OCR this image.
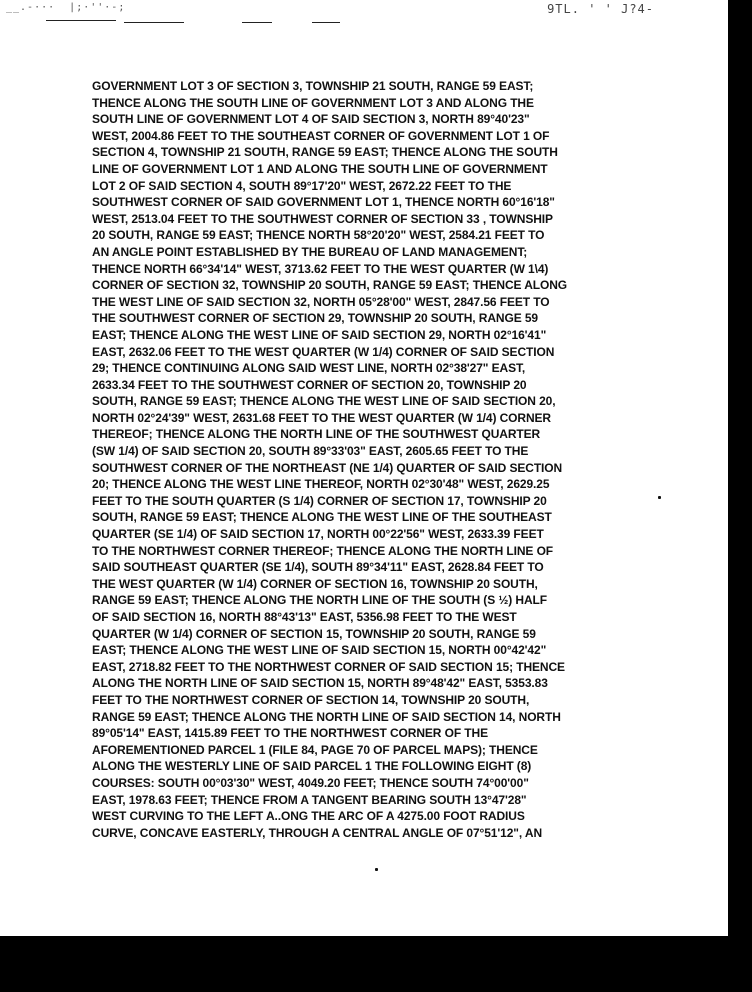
__.-···  |;·''·-;	9TL. ' ' J?4-
GOVERNMENT LOT 3 OF SECTION 3, TOWNSHIP 21 SOUTH, RANGE 59 EAST;
THENCE ALONG THE SOUTH LINE OF GOVERNMENT LOT 3 AND ALONG THE
SOUTH LINE OF GOVERNMENT LOT 4 OF SAID SECTION 3, NORTH 89°40'23"
WEST, 2004.86 FEET TO THE SOUTHEAST CORNER OF GOVERNMENT LOT 1 OF
SECTION 4, TOWNSHIP 21 SOUTH, RANGE 59 EAST; THENCE ALONG THE SOUTH
LINE OF GOVERNMENT LOT 1 AND ALONG THE SOUTH LINE OF GOVERNMENT
LOT 2 OF SAID SECTION 4, SOUTH 89°17'20" WEST, 2672.22 FEET TO THE
SOUTHWEST CORNER OF SAID GOVERNMENT LOT 1, THENCE NORTH 60°16'18"
WEST, 2513.04 FEET TO THE SOUTHWEST CORNER OF SECTION 33 , TOWNSHIP
20 SOUTH, RANGE 59 EAST; THENCE NORTH 58°20'20" WEST, 2584.21 FEET TO
AN ANGLE POINT ESTABLISHED BY THE BUREAU OF LAND MANAGEMENT;
THENCE NORTH 66°34'14" WEST, 3713.62 FEET TO THE WEST QUARTER (W 1\4)
CORNER OF SECTION 32, TOWNSHIP 20 SOUTH, RANGE 59 EAST; THENCE ALONG
THE WEST LINE OF SAID SECTION 32, NORTH 05°28'00" WEST, 2847.56 FEET TO
THE SOUTHWEST CORNER OF SECTION 29, TOWNSHIP 20 SOUTH, RANGE 59
EAST; THENCE ALONG THE WEST LINE OF SAID SECTION 29, NORTH 02°16'41"
EAST, 2632.06 FEET TO THE WEST QUARTER (W 1/4) CORNER OF SAID SECTION
29; THENCE CONTINUING ALONG SAID WEST LINE, NORTH 02°38'27" EAST,
2633.34 FEET TO THE SOUTHWEST CORNER OF SECTION 20, TOWNSHIP 20
SOUTH, RANGE 59 EAST; THENCE ALONG THE WEST LINE OF SAID SECTION 20,
NORTH 02°24'39" WEST, 2631.68 FEET TO THE WEST QUARTER (W 1/4) CORNER
THEREOF; THENCE ALONG THE NORTH LINE OF THE SOUTHWEST QUARTER
(SW 1/4) OF SAID SECTION 20, SOUTH 89°33'03" EAST, 2605.65 FEET TO THE
SOUTHWEST CORNER OF THE NORTHEAST (NE 1/4) QUARTER OF SAID SECTION
20; THENCE ALONG THE WEST LINE THEREOF, NORTH 02°30'48" WEST, 2629.25
FEET TO THE SOUTH QUARTER (S 1/4) CORNER OF SECTION 17, TOWNSHIP 20
SOUTH, RANGE 59 EAST; THENCE ALONG THE WEST LINE OF THE SOUTHEAST
QUARTER (SE 1/4) OF SAID SECTION 17, NORTH 00°22'56" WEST, 2633.39 FEET
TO THE NORTHWEST CORNER THEREOF; THENCE ALONG THE NORTH LINE OF
SAID SOUTHEAST QUARTER (SE 1/4), SOUTH 89°34'11" EAST, 2628.84 FEET TO
THE WEST QUARTER (W 1/4) CORNER OF SECTION 16, TOWNSHIP 20 SOUTH,
RANGE 59 EAST; THENCE ALONG THE NORTH LINE OF THE SOUTH (S ½) HALF
OF SAID SECTION 16, NORTH 88°43'13" EAST, 5356.98 FEET TO THE WEST
QUARTER (W 1/4) CORNER OF SECTION 15, TOWNSHIP 20 SOUTH, RANGE 59
EAST; THENCE ALONG THE WEST LINE OF SAID SECTION 15, NORTH 00°42'42"
EAST, 2718.82 FEET TO THE NORTHWEST CORNER OF SAID SECTION 15; THENCE
ALONG THE NORTH LINE OF SAID SECTION 15, NORTH 89°48'42" EAST, 5353.83
FEET TO THE NORTHWEST CORNER OF SECTION 14, TOWNSHIP 20 SOUTH,
RANGE 59 EAST; THENCE ALONG THE NORTH LINE OF SAID SECTION 14, NORTH
89°05'14" EAST, 1415.89 FEET TO THE NORTHWEST CORNER OF THE
AFOREMENTIONED PARCEL 1 (FILE 84, PAGE 70 OF PARCEL MAPS); THENCE
ALONG THE WESTERLY LINE OF SAID PARCEL 1 THE FOLLOWING EIGHT (8)
COURSES: SOUTH 00°03'30" WEST, 4049.20 FEET; THENCE SOUTH 74°00'00"
EAST, 1978.63 FEET; THENCE FROM A TANGENT BEARING SOUTH 13°47'28"
WEST CURVING TO THE LEFT A..ONG THE ARC OF A 4275.00 FOOT RADIUS
CURVE, CONCAVE EASTERLY, THROUGH A CENTRAL ANGLE OF 07°51'12", AN
